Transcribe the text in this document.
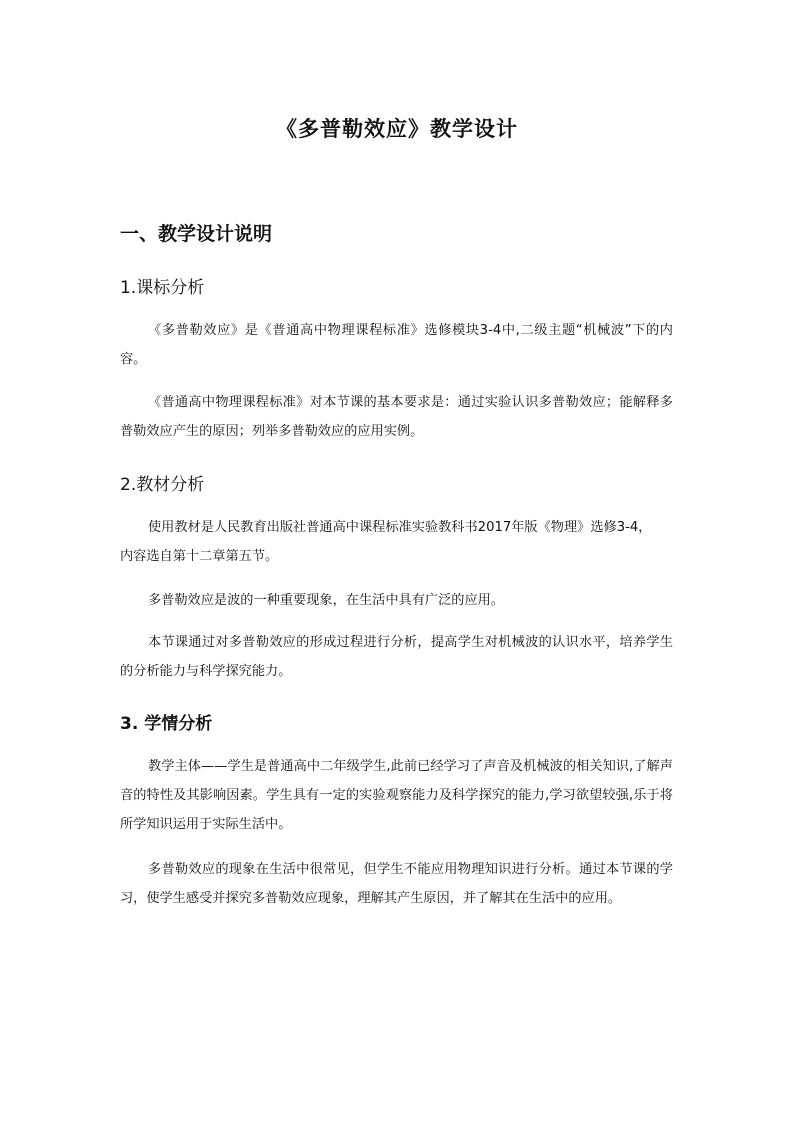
《多普勒效应》教学设计
一、教学设计说明
1.课标分析

《多普勒效应》是《普通高中物理课程标准》选修模块3-4中,二级主题“机械波”下的内容。

《普通高中物理课程标准》对本节课的基本要求是：通过实验认识多普勒效应；能解释多普勒效应产生的原因；列举多普勒效应的应用实例。

2.教材分析

使用教材是人民教育出版社普通高中课程标准实验教科书2017年版《物理》选修3-4，内容选自第十二章第五节。

多普勒效应是波的一种重要现象，在生活中具有广泛的应用。

本节课通过对多普勒效应的形成过程进行分析，提高学生对机械波的认识水平，培养学生的分析能力与科学探究能力。

3. 学情分析

教学主体——学生是普通高中二年级学生,此前已经学习了声音及机械波的相关知识,了解声音的特性及其影响因素。学生具有一定的实验观察能力及科学探究的能力,学习欲望较强,乐于将所学知识运用于实际生活中。

多普勒效应的现象在生活中很常见，但学生不能应用物理知识进行分析。通过本节课的学习，使学生感受并探究多普勒效应现象，理解其产生原因，并了解其在生活中的应用。
